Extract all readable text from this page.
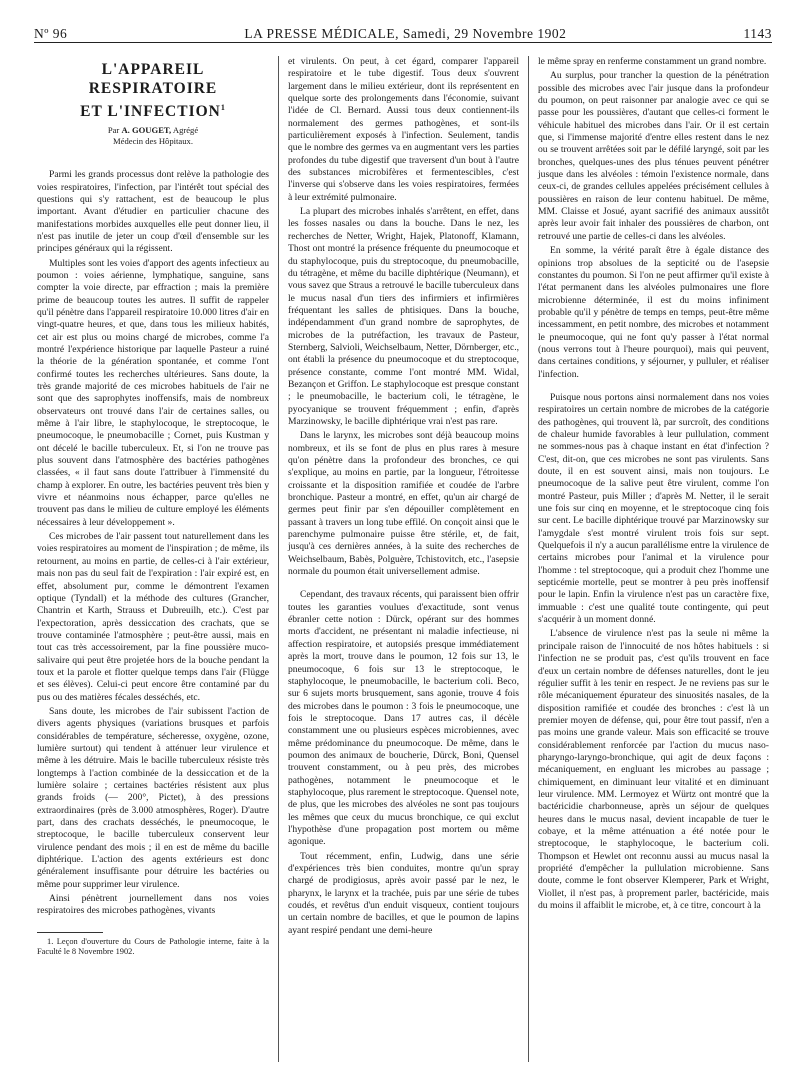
Nº 96	LA PRESSE MÉDICALE, Samedi, 29 Novembre 1902	1143
L'APPAREIL RESPIRATOIRE
ET L'INFECTION$^1$
Par A. GOUGET, Agrégé
Médecin des Hôpitaux.

Parmi les grands processus dont relève la pathologie des voies respiratoires, l'infection, par l'intérêt tout spécial des questions qui s'y rattachent, est de beaucoup le plus important. Avant d'étudier en particulier chacune des manifestations morbides auxquelles elle peut donner lieu, il n'est pas inutile de jeter un coup d'œil d'ensemble sur les principes généraux qui la régissent.

Multiples sont les voies d'apport des agents infectieux au poumon : voies aérienne, lymphatique, sanguine, sans compter la voie directe, par effraction ; mais la première prime de beaucoup toutes les autres. Il suffit de rappeler qu'il pénètre dans l'appareil respiratoire 10.000 litres d'air en vingt-quatre heures, et que, dans tous les milieux habités, cet air est plus ou moins chargé de microbes, comme l'a montré l'expérience historique par laquelle Pasteur a ruiné la théorie de la génération spontanée, et comme l'ont confirmé toutes les recherches ultérieures. Sans doute, la très grande majorité de ces microbes habituels de l'air ne sont que des saprophytes inoffensifs, mais de nombreux observateurs ont trouvé dans l'air de certaines salles, ou même à l'air libre, le staphylocoque, le streptocoque, le pneumocoque, le pneumobacille ; Cornet, puis Kustman y ont décelé le bacille tuberculeux. Et, si l'on ne trouve pas plus souvent dans l'atmosphère des bactéries pathogènes classées, « il faut sans doute l'attribuer à l'immensité du champ à explorer. En outre, les bactéries peuvent très bien y vivre et néanmoins nous échapper, parce qu'elles ne trouvent pas dans le milieu de culture employé les éléments nécessaires à leur développement ».

Ces microbes de l'air passent tout naturellement dans les voies respiratoires au moment de l'inspiration ; de même, ils retournent, au moins en partie, de celles-ci à l'air extérieur, mais non pas du seul fait de l'expiration : l'air expiré est, en effet, absolument pur, comme le démontrent l'examen optique (Tyndall) et la méthode des cultures (Grancher, Chantrin et Karth, Strauss et Dubreuilh, etc.). C'est par l'expectoration, après dessiccation des crachats, que se trouve contaminée l'atmosphère ; peut-être aussi, mais en tout cas très accessoirement, par la fine poussière muco-salivaire qui peut être projetée hors de la bouche pendant la toux et la parole et flotter quelque temps dans l'air (Flügge et ses élèves). Celui-ci peut encore être contaminé par du pus ou des matières fécales desséchés, etc.

Sans doute, les microbes de l'air subissent l'action de divers agents physiques (variations brusques et parfois considérables de température, sécheresse, oxygène, ozone, lumière surtout) qui tendent à atténuer leur virulence et même à les détruire. Mais le bacille tuberculeux résiste très longtemps à l'action combinée de la dessiccation et de la lumière solaire ; certaines bactéries résistent aux plus grands froids (— 200°, Pictet), à des pressions extraordinaires (près de 3.000 atmosphères, Roger). D'autre part, dans des crachats desséchés, le pneumocoque, le streptocoque, le bacille tuberculeux conservent leur virulence pendant des mois ; il en est de même du bacille diphtérique. L'action des agents extérieurs est donc généralement insuffisante pour détruire les bactéries ou même pour supprimer leur virulence.

Ainsi pénètrent journellement dans nos voies respiratoires des microbes pathogènes, vivants

1. Leçon d'ouverture du Cours de Pathologie interne, faite à la Faculté le 8 Novembre 1902.

et virulents. On peut, à cet égard, comparer l'appareil respiratoire et le tube digestif. Tous deux s'ouvrent largement dans le milieu extérieur, dont ils représentent en quelque sorte des prolongements dans l'économie, suivant l'idée de Cl. Bernard. Aussi tous deux contiennent-ils normalement des germes pathogènes, et sont-ils particulièrement exposés à l'infection. Seulement, tandis que le nombre des germes va en augmentant vers les parties profondes du tube digestif que traversent d'un bout à l'autre des substances microbifères et fermentescibles, c'est l'inverse qui s'observe dans les voies respiratoires, fermées à leur extrémité pulmonaire.

La plupart des microbes inhalés s'arrêtent, en effet, dans les fosses nasales ou dans la bouche. Dans le nez, les recherches de Netter, Wright, Hajek, Platonoff, Klamann, Thost ont montré la présence fréquente du pneumocoque et du staphylocoque, puis du streptocoque, du pneumobacille, du tétragène, et même du bacille diphtérique (Neumann), et vous savez que Straus a retrouvé le bacille tuberculeux dans le mucus nasal d'un tiers des infirmiers et infirmières fréquentant les salles de phtisiques. Dans la bouche, indépendamment d'un grand nombre de saprophytes, de microbes de la putréfaction, les travaux de Pasteur, Sternberg, Salvioli, Weichselbaum, Netter, Dörnberger, etc., ont établi la présence du pneumocoque et du streptocoque, présence constante, comme l'ont montré MM. Widal, Bezançon et Griffon. Le staphylocoque est presque constant ; le pneumobacille, le bacterium coli, le tétragène, le pyocyanique se trouvent fréquemment ; enfin, d'après Marzinowsky, le bacille diphtérique vrai n'est pas rare.

Dans le larynx, les microbes sont déjà beaucoup moins nombreux, et ils se font de plus en plus rares à mesure qu'on pénètre dans la profondeur des bronches, ce qui s'explique, au moins en partie, par la longueur, l'étroitesse croissante et la disposition ramifiée et coudée de l'arbre bronchique. Pasteur a montré, en effet, qu'un air chargé de germes peut finir par s'en dépouiller complètement en passant à travers un long tube effilé. On conçoit ainsi que le parenchyme pulmonaire puisse être stérile, et, de fait, jusqu'à ces dernières années, à la suite des recherches de Weichselbaum, Babès, Polguère, Tchistovitch, etc., l'asepsie normale du poumon était universellement admise.

Cependant, des travaux récents, qui paraissent bien offrir toutes les garanties voulues d'exactitude, sont venus ébranler cette notion : Dürck, opérant sur des hommes morts d'accident, ne présentant ni maladie infectieuse, ni affection respiratoire, et autopsiés presque immédiatement après la mort, trouve dans le poumon, 12 fois sur 13, le pneumocoque, 6 fois sur 13 le streptocoque, le staphylocoque, le pneumobacille, le bacterium coli. Beco, sur 6 sujets morts brusquement, sans agonie, trouve 4 fois des microbes dans le poumon : 3 fois le pneumocoque, une fois le streptocoque. Dans 17 autres cas, il décèle constamment une ou plusieurs espèces microbiennes, avec même prédominance du pneumocoque. De même, dans le poumon des animaux de boucherie, Dürck, Boni, Quensel trouvent constamment, ou à peu près, des microbes pathogènes, notamment le pneumocoque et le staphylocoque, plus rarement le streptocoque. Quensel note, de plus, que les microbes des alvéoles ne sont pas toujours les mêmes que ceux du mucus bronchique, ce qui exclut l'hypothèse d'une propagation post mortem ou même agonique.

Tout récemment, enfin, Ludwig, dans une série d'expériences très bien conduites, montre qu'un spray chargé de prodigiosus, après avoir passé par le nez, le pharynx, le larynx et la trachée, puis par une série de tubes coudés, et revêtus d'un enduit visqueux, contient toujours un certain nombre de bacilles, et que le poumon de lapins ayant respiré pendant une demi-heure

le même spray en renferme constamment un grand nombre.

Au surplus, pour trancher la question de la pénétration possible des microbes avec l'air jusque dans la profondeur du poumon, on peut raisonner par analogie avec ce qui se passe pour les poussières, d'autant que celles-ci forment le véhicule habituel des microbes dans l'air. Or il est certain que, si l'immense majorité d'entre elles restent dans le nez ou se trouvent arrêtées soit par le défilé laryngé, soit par les bronches, quelques-unes des plus ténues peuvent pénétrer jusque dans les alvéoles : témoin l'existence normale, dans ceux-ci, de grandes cellules appelées précisément cellules à poussières en raison de leur contenu habituel. De même, MM. Claisse et Josué, ayant sacrifié des animaux aussitôt après leur avoir fait inhaler des poussières de charbon, ont retrouvé une partie de celles-ci dans les alvéoles.

En somme, la vérité paraît être à égale distance des opinions trop absolues de la septicité ou de l'asepsie constantes du poumon. Si l'on ne peut affirmer qu'il existe à l'état permanent dans les alvéoles pulmonaires une flore microbienne déterminée, il est du moins infiniment probable qu'il y pénètre de temps en temps, peut-être même incessamment, en petit nombre, des microbes et notamment le pneumocoque, qui ne font qu'y passer à l'état normal (nous verrons tout à l'heure pourquoi), mais qui peuvent, dans certaines conditions, y séjourner, y pulluler, et réaliser l'infection.

Puisque nous portons ainsi normalement dans nos voies respiratoires un certain nombre de microbes de la catégorie des pathogènes, qui trouvent là, par surcroît, des conditions de chaleur humide favorables à leur pullulation, comment ne sommes-nous pas à chaque instant en état d'infection ? C'est, dit-on, que ces microbes ne sont pas virulents. Sans doute, il en est souvent ainsi, mais non toujours. Le pneumocoque de la salive peut être virulent, comme l'on montré Pasteur, puis Miller ; d'après M. Netter, il le serait une fois sur cinq en moyenne, et le streptocoque cinq fois sur cent. Le bacille diphtérique trouvé par Marzinowsky sur l'amygdale s'est montré virulent trois fois sur sept. Quelquefois il n'y a aucun parallélisme entre la virulence de certains microbes pour l'animal et la virulence pour l'homme : tel streptocoque, qui a produit chez l'homme une septicémie mortelle, peut se montrer à peu près inoffensif pour le lapin. Enfin la virulence n'est pas un caractère fixe, immuable : c'est une qualité toute contingente, qui peut s'acquérir à un moment donné.

L'absence de virulence n'est pas la seule ni même la principale raison de l'innocuité de nos hôtes habituels : si l'infection ne se produit pas, c'est qu'ils trouvent en face d'eux un certain nombre de défenses naturelles, dont le jeu régulier suffit à les tenir en respect. Je ne reviens pas sur le rôle mécaniquement épurateur des sinuosités nasales, de la disposition ramifiée et coudée des bronches : c'est là un premier moyen de défense, qui, pour être tout passif, n'en a pas moins une grande valeur. Mais son efficacité se trouve considérablement renforcée par l'action du mucus naso-pharyngo-laryngo-bronchique, qui agit de deux façons : mécaniquement, en engluant les microbes au passage ; chimiquement, en diminuant leur vitalité et en diminuant leur virulence. MM. Lermoyez et Würtz ont montré que la bactéricidie charbonneuse, après un séjour de quelques heures dans le mucus nasal, devient incapable de tuer le cobaye, et la même atténuation a été notée pour le streptocoque, le staphylocoque, le bacterium coli. Thompson et Hewlet ont reconnu aussi au mucus nasal la propriété d'empêcher la pullulation microbienne. Sans doute, comme le font observer Klemperer, Park et Wright, Viollet, il n'est pas, à proprement parler, bactéricide, mais du moins il affaiblit le microbe, et, à ce titre, concourt à la
